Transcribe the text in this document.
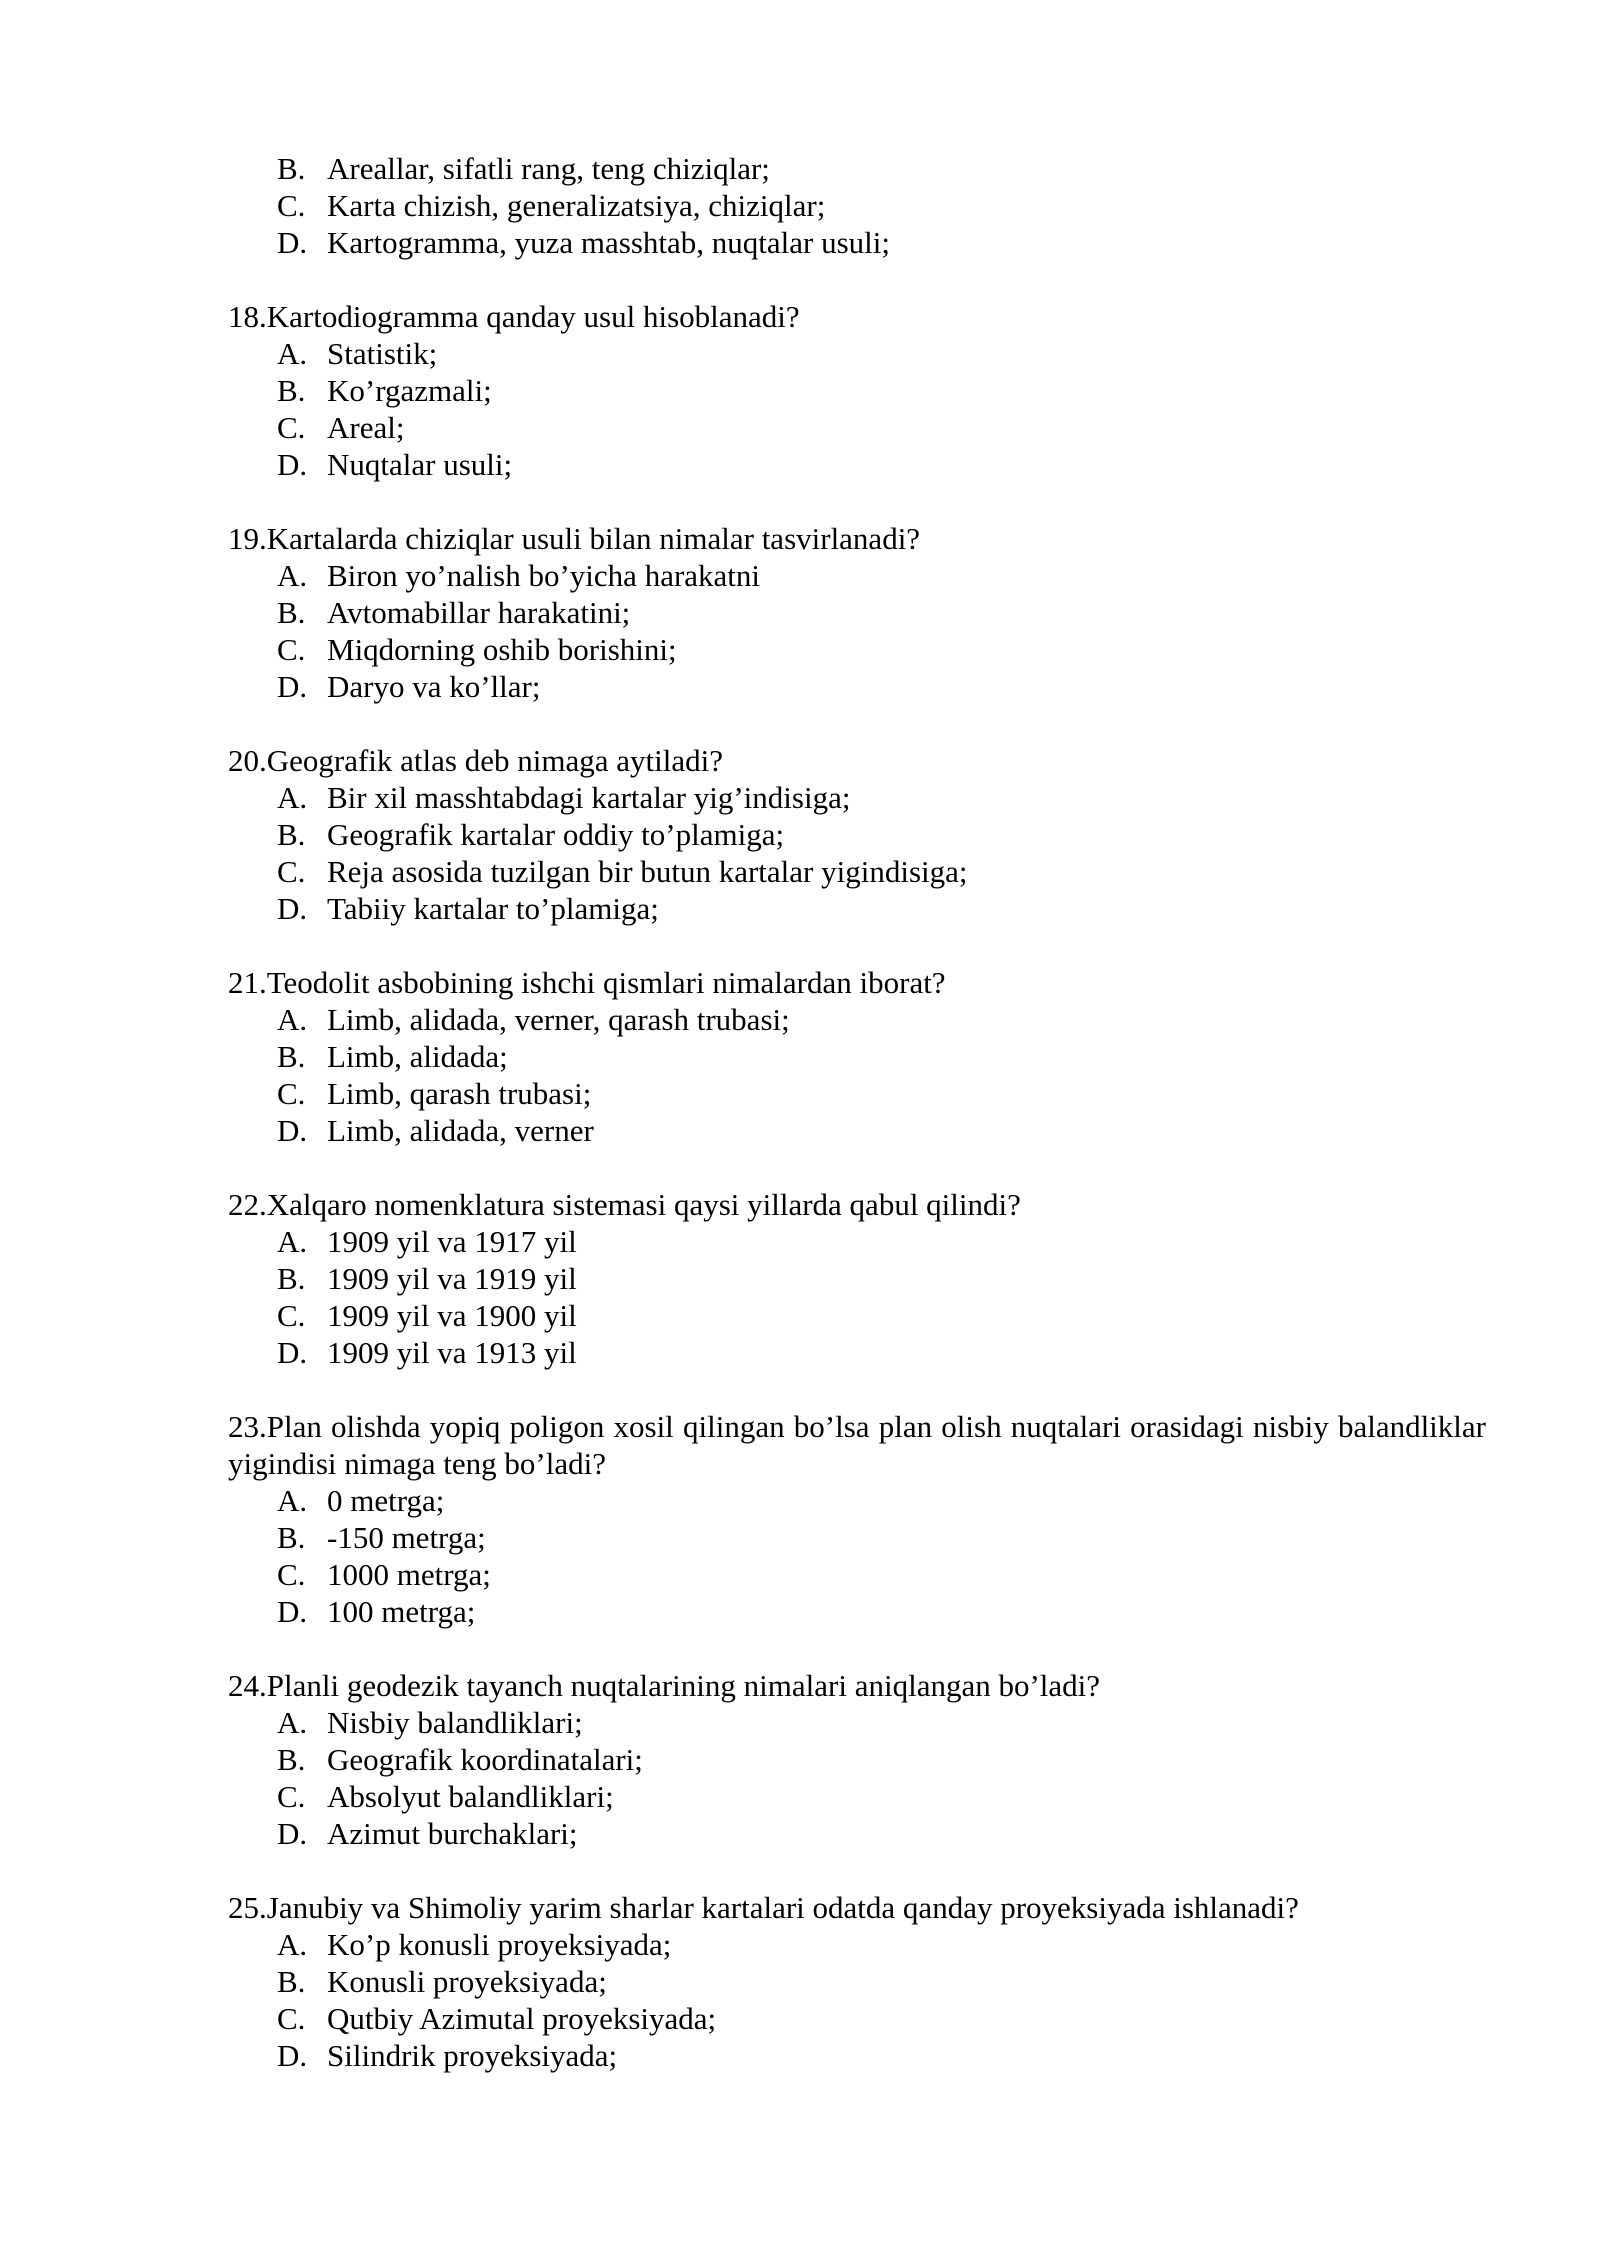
B. Areallar, sifatli rang, teng chiziqlar;
C. Karta chizish, generalizatsiya, chiziqlar;
D. Kartogramma, yuza masshtab, nuqtalar usuli;
18. Kartodiogramma qanday usul hisoblanadi?
A. Statistik;
B. Ko’rgazmali;
C. Areal;
D. Nuqtalar usuli;
19. Kartalarda chiziqlar usuli bilan nimalar tasvirlanadi?
A. Biron yo’nalish bo’yicha harakatni
B. Avtomabillar harakatini;
C. Miqdorning oshib borishini;
D. Daryo va ko’llar;
20. Geografik atlas deb nimaga aytiladi?
A. Bir xil masshtabdagi kartalar yig’indisiga;
B. Geografik kartalar oddiy to’plamiga;
C. Reja asosida tuzilgan bir butun kartalar yigindisiga;
D. Tabiiy kartalar to’plamiga;
21. Teodolit asbobining ishchi qismlari nimalardan iborat?
A. Limb, alidada, verner, qarash trubasi;
B. Limb, alidada;
C. Limb, qarash trubasi;
D. Limb, alidada, verner
22. Xalqaro nomenklatura sistemasi qaysi yillarda qabul qilindi?
A. 1909 yil va 1917 yil
B. 1909 yil va 1919 yil
C. 1909 yil va 1900 yil
D. 1909 yil va 1913 yil
23.Plan olishda yopiq poligon xosil qilingan bo’lsa plan olish nuqtalari orasidagi nisbiy balandliklar yigindisi nimaga teng bo’ladi?
A. 0 metrga;
B. -150 metrga;
C. 1000 metrga;
D. 100 metrga;
24. Planli geodezik tayanch nuqtalarining nimalari aniqlangan bo’ladi?
A. Nisbiy balandliklari;
B. Geografik koordinatalari;
C. Absolyut balandliklari;
D. Azimut burchaklari;
25. Janubiy va Shimoliy yarim sharlar kartalari odatda qanday proyeksiyada ishlanadi?
A. Ko’p konusli proyeksiyada;
B. Konusli proyeksiyada;
C. Qutbiy Azimutal proyeksiyada;
D. Silindrik proyeksiyada;
